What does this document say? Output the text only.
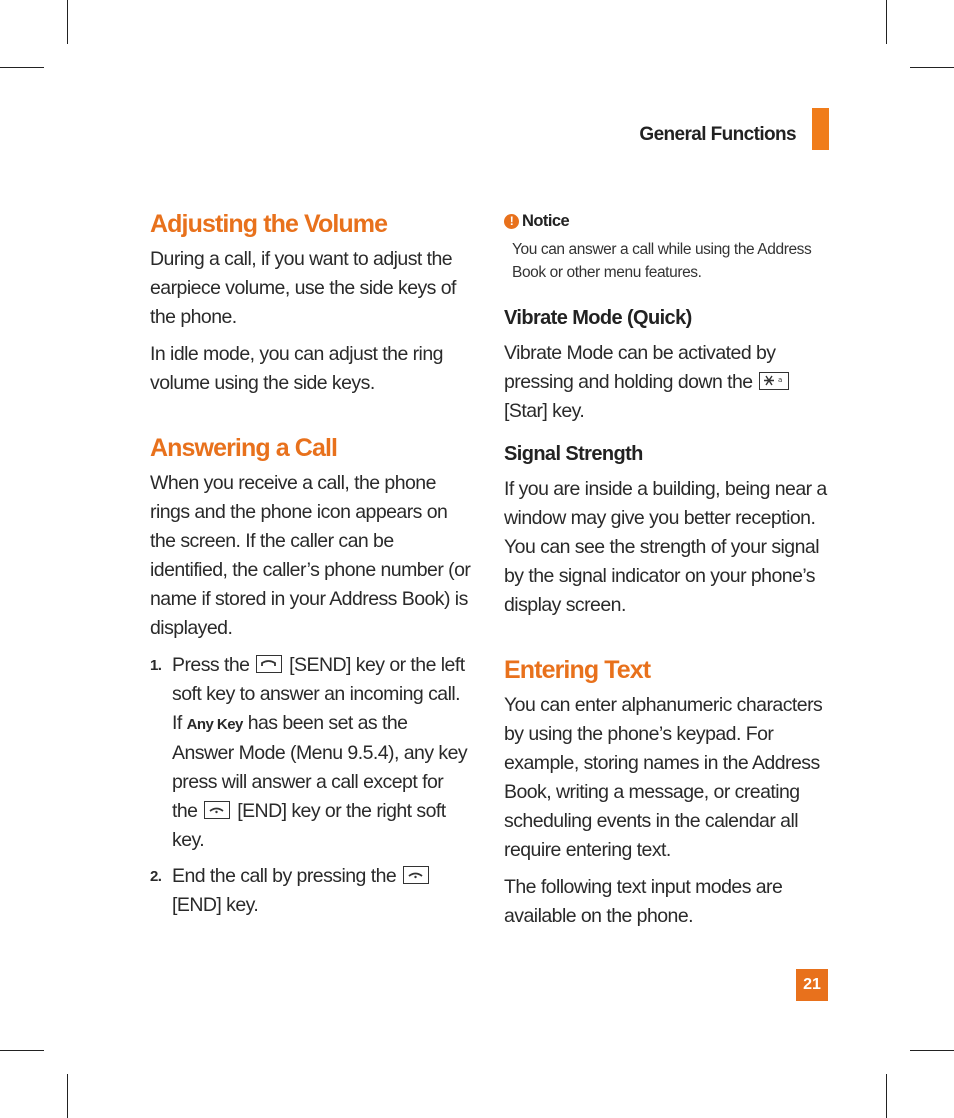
General Functions
Adjusting the Volume

During a call, if you want to adjust the earpiece volume, use the side keys of the phone.

In idle mode, you can adjust the ring volume using the side keys.

Answering a Call

When you receive a call, the phone rings and the phone icon appears on the screen. If the caller can be identified, the caller’s phone number (or name if stored in your Address Book) is displayed.

1. Press the [SEND] key or the left soft key to answer an incoming call. If Any Key has been set as the Answer Mode (Menu 9.5.4), any key press will answer a call except for the [END] key or the right soft key.
2. End the call by pressing the
[END] key.
! Notice
You can answer a call while using the Address Book or other menu features.
Vibrate Mode (Quick)

Vibrate Mode can be activated by pressing and holding down the	a
[Star] key.

Signal Strength

If you are inside a building, being near a window may give you better reception. You can see the strength of your signal by the signal indicator on your phone’s display screen.

Entering Text

You can enter alphanumeric characters by using the phone’s keypad. For example, storing names in the Address Book, writing a message, or creating scheduling events in the calendar all require entering text.

The following text input modes are available on the phone.

21
